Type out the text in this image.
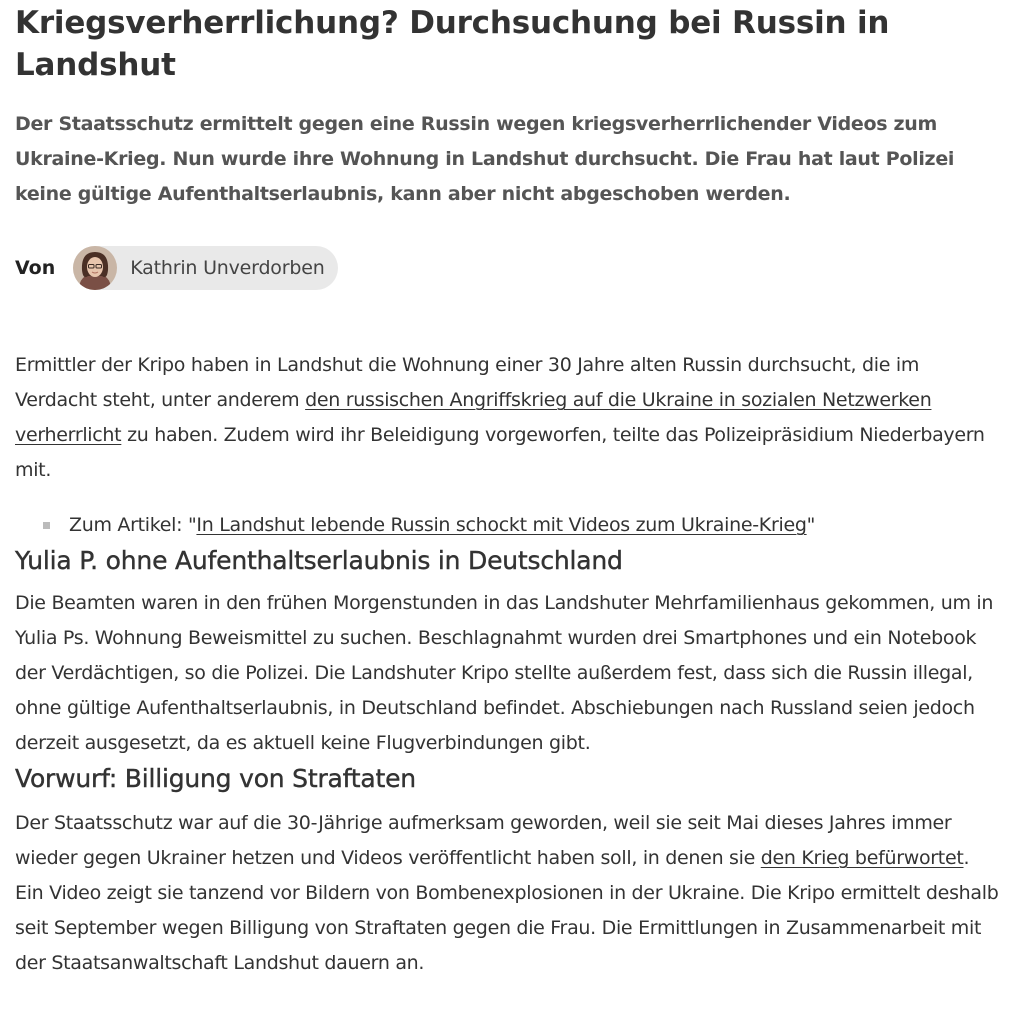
Kriegsverherrlichung? Durchsuchung bei Russin in Landshut

Der Staatsschutz ermittelt gegen eine Russin wegen kriegsverherrlichender Videos zum Ukraine-Krieg. Nun wurde ihre Wohnung in Landshut durchsucht. Die Frau hat laut Polizei keine gültige Aufenthaltserlaubnis, kann aber nicht abgeschoben werden.

Von	Kathrin Unverdorben

Ermittler der Kripo haben in Landshut die Wohnung einer 30 Jahre alten Russin durchsucht, die im Verdacht steht, unter anderem den russischen Angriffskrieg auf die Ukraine in sozialen Netzwerken verherrlicht zu haben. Zudem wird ihr Beleidigung vorgeworfen, teilte das Polizeipräsidium Niederbayern mit.

Zum Artikel: "In Landshut lebende Russin schockt mit Videos zum Ukraine-Krieg"
Yulia P. ohne Aufenthaltserlaubnis in Deutschland

Die Beamten waren in den frühen Morgenstunden in das Landshuter Mehrfamilienhaus gekommen, um in Yulia Ps. Wohnung Beweismittel zu suchen. Beschlagnahmt wurden drei Smartphones und ein Notebook der Verdächtigen, so die Polizei. Die Landshuter Kripo stellte außerdem fest, dass sich die Russin illegal, ohne gültige Aufenthaltserlaubnis, in Deutschland befindet. Abschiebungen nach Russland seien jedoch derzeit ausgesetzt, da es aktuell keine Flugverbindungen gibt.

Vorwurf: Billigung von Straftaten

Der Staatsschutz war auf die 30-Jährige aufmerksam geworden, weil sie seit Mai dieses Jahres immer wieder gegen Ukrainer hetzen und Videos veröffentlicht haben soll, in denen sie den Krieg befürwortet. Ein Video zeigt sie tanzend vor Bildern von Bombenexplosionen in der Ukraine. Die Kripo ermittelt deshalb seit September wegen Billigung von Straftaten gegen die Frau. Die Ermittlungen in Zusammenarbeit mit der Staatsanwaltschaft Landshut dauern an.
